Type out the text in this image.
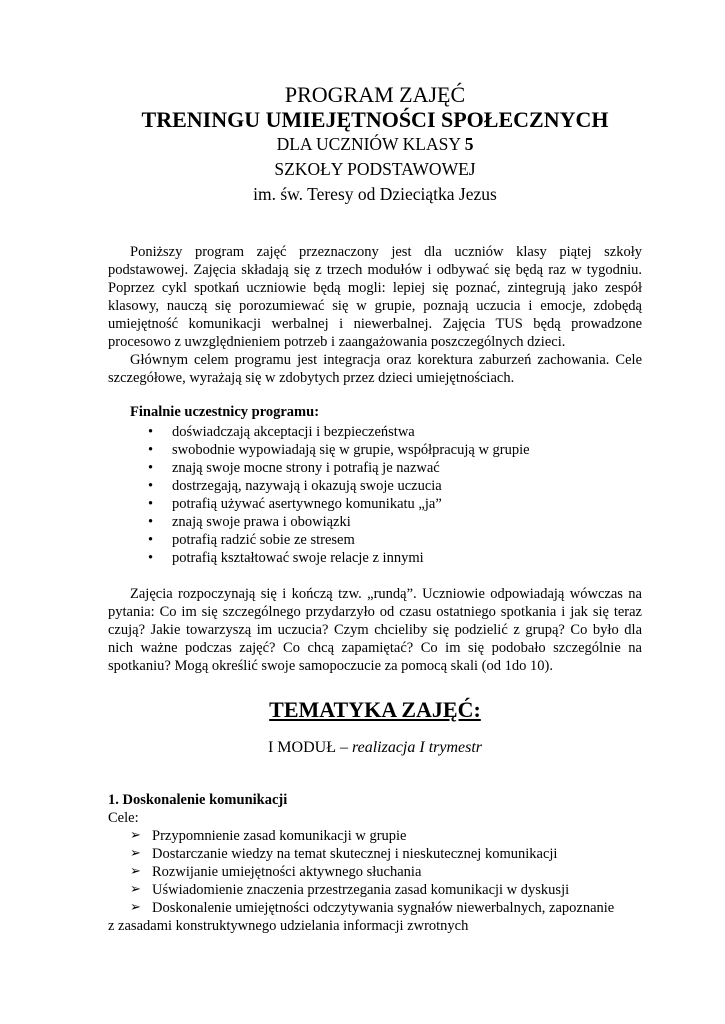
PROGRAM ZAJĘĆ
TRENINGU UMIEJĘTNOŚCI SPOŁECZNYCH
DLA UCZNIÓW KLASY 5
SZKOŁY PODSTAWOWEJ
im. św. Teresy od Dzieciątka Jezus

Poniższy program zajęć przeznaczony jest dla uczniów klasy piątej szkoły podstawowej. Zajęcia składają się z trzech modułów i odbywać się będą raz w tygodniu. Poprzez cykl spotkań uczniowie będą mogli: lepiej się poznać, zintegrują jako zespół klasowy, nauczą się porozumiewać się w grupie, poznają uczucia i emocje, zdobędą umiejętność komunikacji werbalnej i niewerbalnej. Zajęcia TUS będą prowadzone procesowo z uwzględnieniem potrzeb i zaangażowania poszczególnych dzieci.

Głównym celem programu jest integracja oraz korektura zaburzeń zachowania. Cele szczegółowe, wyrażają się w zdobytych przez dzieci umiejętnościach.

Finalnie uczestnicy programu:
• doświadczają akceptacji i bezpieczeństwa
• swobodnie wypowiadają się w grupie, współpracują w grupie
• znają swoje mocne strony i potrafią je nazwać
• dostrzegają, nazywają i okazują swoje uczucia
• potrafią używać asertywnego komunikatu „ja”
• znają swoje prawa i obowiązki
• potrafią radzić sobie ze stresem
• potrafią kształtować swoje relacje z innymi

Zajęcia rozpoczynają się i kończą tzw. „rundą”. Uczniowie odpowiadają wówczas na pytania: Co im się szczególnego przydarzyło od czasu ostatniego spotkania i jak się teraz czują? Jakie towarzyszą im uczucia? Czym chcieliby się podzielić z grupą? Co było dla nich ważne podczas zajęć? Co chcą zapamiętać? Co im się podobało szczególnie na spotkaniu? Mogą określić swoje samopoczucie za pomocą skali (od 1do 10).

TEMATYKA ZAJĘĆ:
I MODUŁ – realizacja I trymestr
1. Doskonalenie komunikacji
Cele:
➢ Przypomnienie zasad komunikacji w grupie
➢ Dostarczanie wiedzy na temat skutecznej i nieskutecznej komunikacji
➢ Rozwijanie umiejętności aktywnego słuchania
➢ Uświadomienie znaczenia przestrzegania zasad komunikacji w dyskusji
➢ Doskonalenie umiejętności odczytywania sygnałów niewerbalnych, zapoznanie

z zasadami konstruktywnego udzielania informacji zwrotnych
